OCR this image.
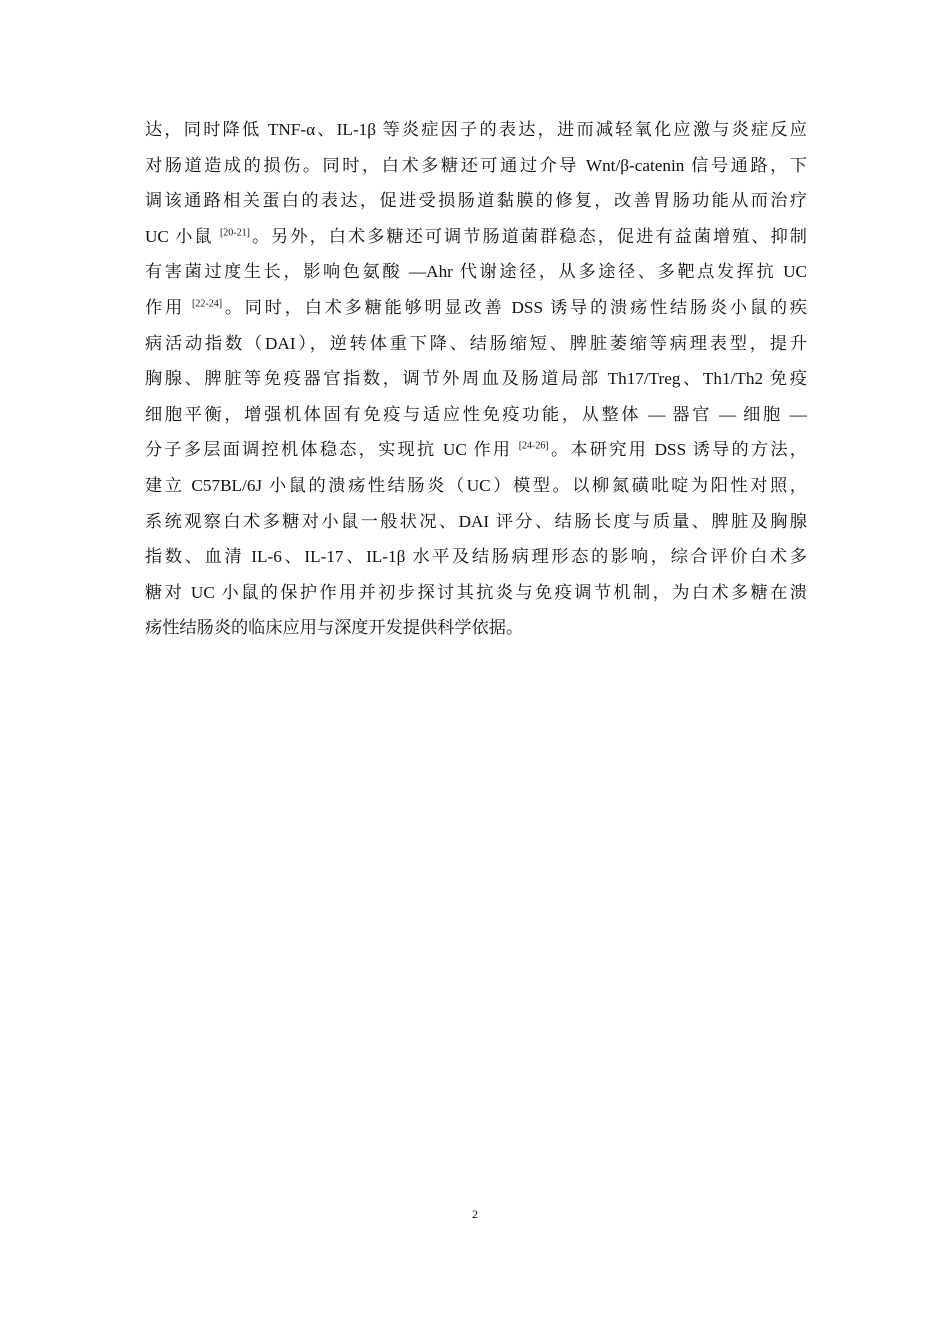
达，同时降低 TNF-α、IL-1β 等炎症因子的表达，进而减轻氧化应激与炎症反应
对肠道造成的损伤。同时，白术多糖还可通过介导 Wnt/β-catenin 信号通路，下
调该通路相关蛋白的表达，促进受损肠道黏膜的修复，改善胃肠功能从而治疗
UC 小鼠 [20-21]。另外，白术多糖还可调节肠道菌群稳态，促进有益菌增殖、抑制
有害菌过度生长，影响色氨酸 —Ahr 代谢途径，从多途径、多靶点发挥抗 UC
作用 [22-24]。同时，白术多糖能够明显改善 DSS 诱导的溃疡性结肠炎小鼠的疾
病活动指数（DAI），逆转体重下降、结肠缩短、脾脏萎缩等病理表型，提升
胸腺、脾脏等免疫器官指数，调节外周血及肠道局部 Th17/Treg、Th1/Th2 免疫
细胞平衡，增强机体固有免疫与适应性免疫功能，从整体 — 器官 — 细胞 —
分子多层面调控机体稳态，实现抗 UC 作用 [24-26]。本研究用 DSS 诱导的方法，
建立 C57BL/6J 小鼠的溃疡性结肠炎（UC）模型。以柳氮磺吡啶为阳性对照，
系统观察白术多糖对小鼠一般状况、DAI 评分、结肠长度与质量、脾脏及胸腺
指数、血清 IL-6、IL-17、IL-1β 水平及结肠病理形态的影响，综合评价白术多
糖对 UC 小鼠的保护作用并初步探讨其抗炎与免疫调节机制，为白术多糖在溃
疡性结肠炎的临床应用与深度开发提供科学依据。
2
